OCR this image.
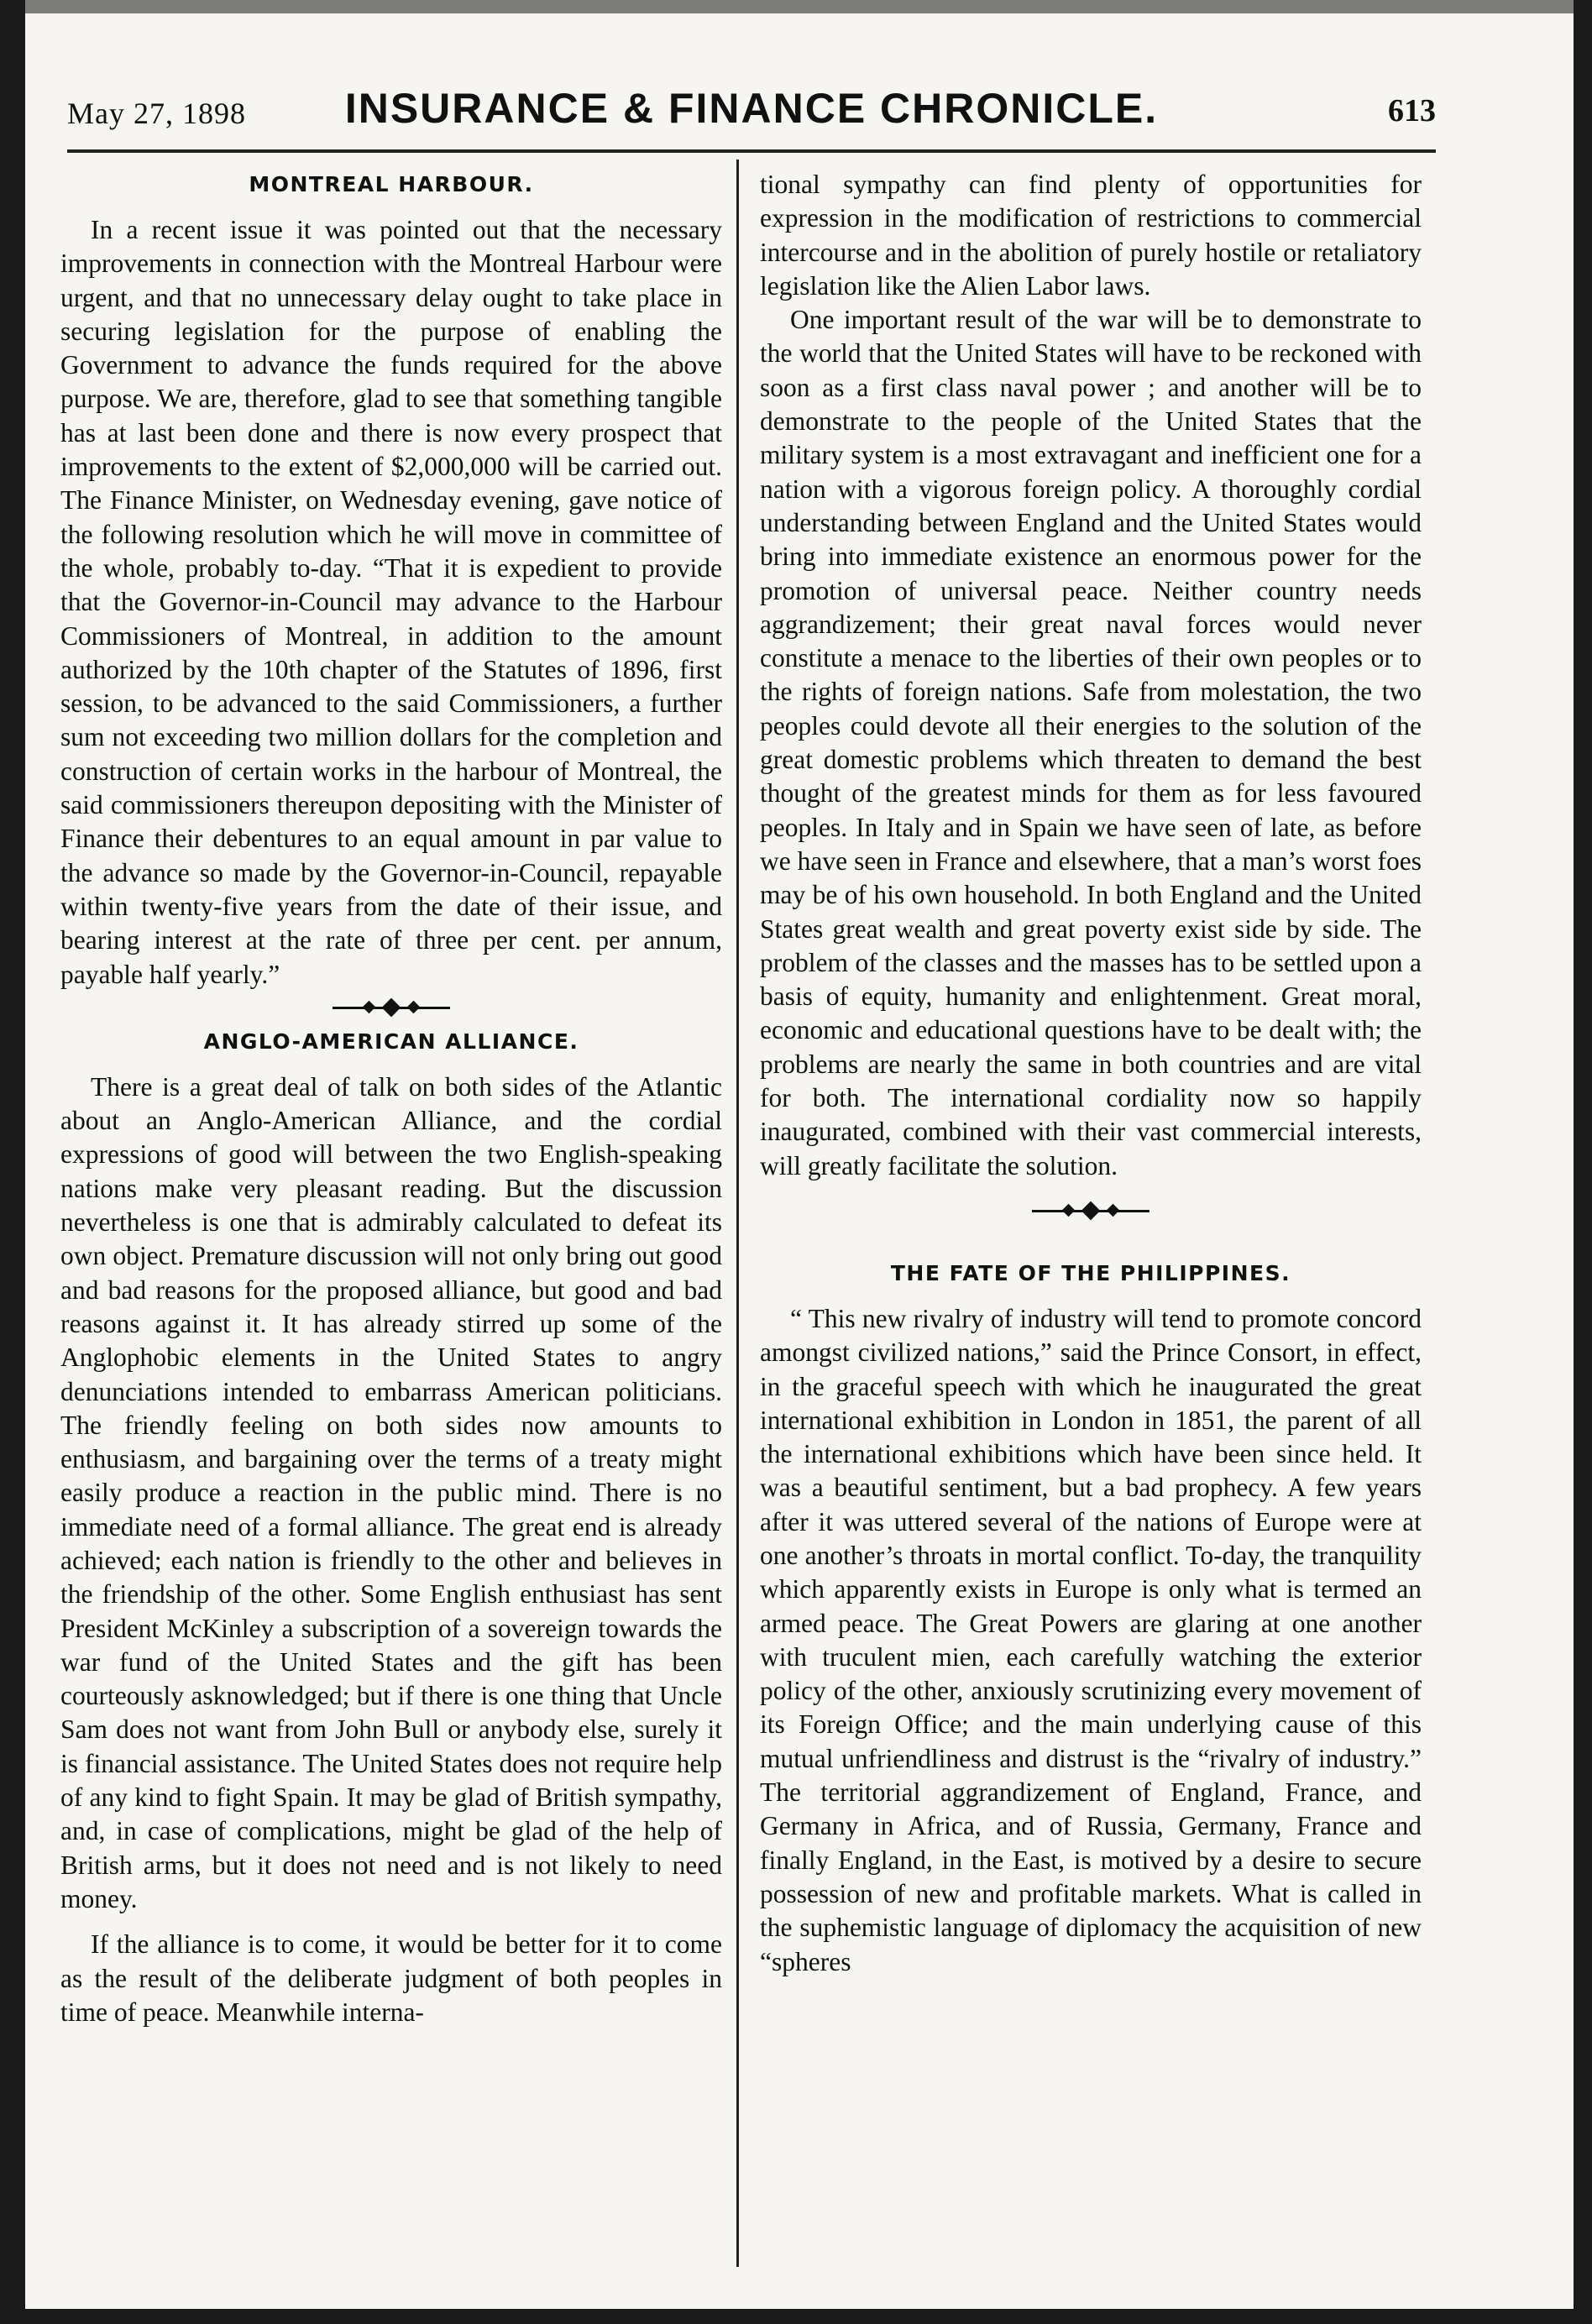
May 27, 1898	INSURANCE & FINANCE CHRONICLE.	613
MONTREAL HARBOUR.

In a recent issue it was pointed out that the necessary improvements in connection with the Montreal Harbour were urgent, and that no unnecessary delay ought to take place in securing legislation for the purpose of enabling the Government to advance the funds required for the above purpose. We are, therefore, glad to see that something tangible has at last been done and there is now every prospect that improvements to the extent of $2,000,000 will be carried out. The Finance Minister, on Wednesday evening, gave notice of the following resolution which he will move in committee of the whole, probably to-day. “That it is expedient to provide that the Governor-in-Council may advance to the Harbour Commissioners of Montreal, in addition to the amount authorized by the 10th chapter of the Statutes of 1896, first session, to be advanced to the said Commissioners, a further sum not exceeding two million dollars for the completion and construction of certain works in the harbour of Montreal, the said commissioners thereupon depositing with the Minister of Finance their debentures to an equal amount in par value to the advance so made by the Governor-in-Council, repayable within twenty-five years from the date of their issue, and bearing interest at the rate of three per cent. per annum, payable half yearly.”

ANGLO-AMERICAN ALLIANCE.

There is a great deal of talk on both sides of the Atlantic about an Anglo-American Alliance, and the cordial expressions of good will between the two English-speaking nations make very pleasant reading. But the discussion nevertheless is one that is admirably calculated to defeat its own object. Premature discussion will not only bring out good and bad reasons for the proposed alliance, but good and bad reasons against it. It has already stirred up some of the Anglophobic elements in the United States to angry denunciations intended to embarrass American politicians. The friendly feeling on both sides now amounts to enthusiasm, and bargaining over the terms of a treaty might easily produce a reaction in the public mind. There is no immediate need of a formal alliance. The great end is already achieved; each nation is friendly to the other and believes in the friendship of the other. Some English enthusiast has sent President McKinley a subscription of a sovereign towards the war fund of the United States and the gift has been courteously asknowledged; but if there is one thing that Uncle Sam does not want from John Bull or anybody else, surely it is financial assistance. The United States does not require help of any kind to fight Spain. It may be glad of British sympathy, and, in case of complications, might be glad of the help of British arms, but it does not need and is not likely to need money.

If the alliance is to come, it would be better for it to come as the result of the deliberate judgment of both peoples in time of peace. Meanwhile interna-

tional sympathy can find plenty of opportunities for expression in the modification of restrictions to commercial intercourse and in the abolition of purely hostile or retaliatory legislation like the Alien Labor laws.

One important result of the war will be to demonstrate to the world that the United States will have to be reckoned with soon as a first class naval power ; and another will be to demonstrate to the people of the United States that the military system is a most extravagant and inefficient one for a nation with a vigorous foreign policy. A thoroughly cordial understanding between England and the United States would bring into immediate existence an enormous power for the promotion of universal peace. Neither country needs aggrandizement; their great naval forces would never constitute a menace to the liberties of their own peoples or to the rights of foreign nations. Safe from molestation, the two peoples could devote all their energies to the solution of the great domestic problems which threaten to demand the best thought of the greatest minds for them as for less favoured peoples. In Italy and in Spain we have seen of late, as before we have seen in France and elsewhere, that a man’s worst foes may be of his own household. In both England and the United States great wealth and great poverty exist side by side. The problem of the classes and the masses has to be settled upon a basis of equity, humanity and enlightenment. Great moral, economic and educational questions have to be dealt with; the problems are nearly the same in both countries and are vital for both. The international cordiality now so happily inaugurated, combined with their vast commercial interests, will greatly facilitate the solution.

THE FATE OF THE PHILIPPINES.

“ This new rivalry of industry will tend to promote concord amongst civilized nations,” said the Prince Consort, in effect, in the graceful speech with which he inaugurated the great international exhibition in London in 1851, the parent of all the international exhibitions which have been since held. It was a beautiful sentiment, but a bad prophecy. A few years after it was uttered several of the nations of Europe were at one another’s throats in mortal conflict. To-day, the tranquility which apparently exists in Europe is only what is termed an armed peace. The Great Powers are glaring at one another with truculent mien, each carefully watching the exterior policy of the other, anxiously scrutinizing every movement of its Foreign Office; and the main underlying cause of this mutual unfriendliness and distrust is the “rivalry of industry.” The territorial aggrandizement of England, France, and Germany in Africa, and of Russia, Germany, France and finally England, in the East, is motived by a desire to secure possession of new and profitable markets. What is called in the suphemistic language of diplomacy the acquisition of new “spheres
